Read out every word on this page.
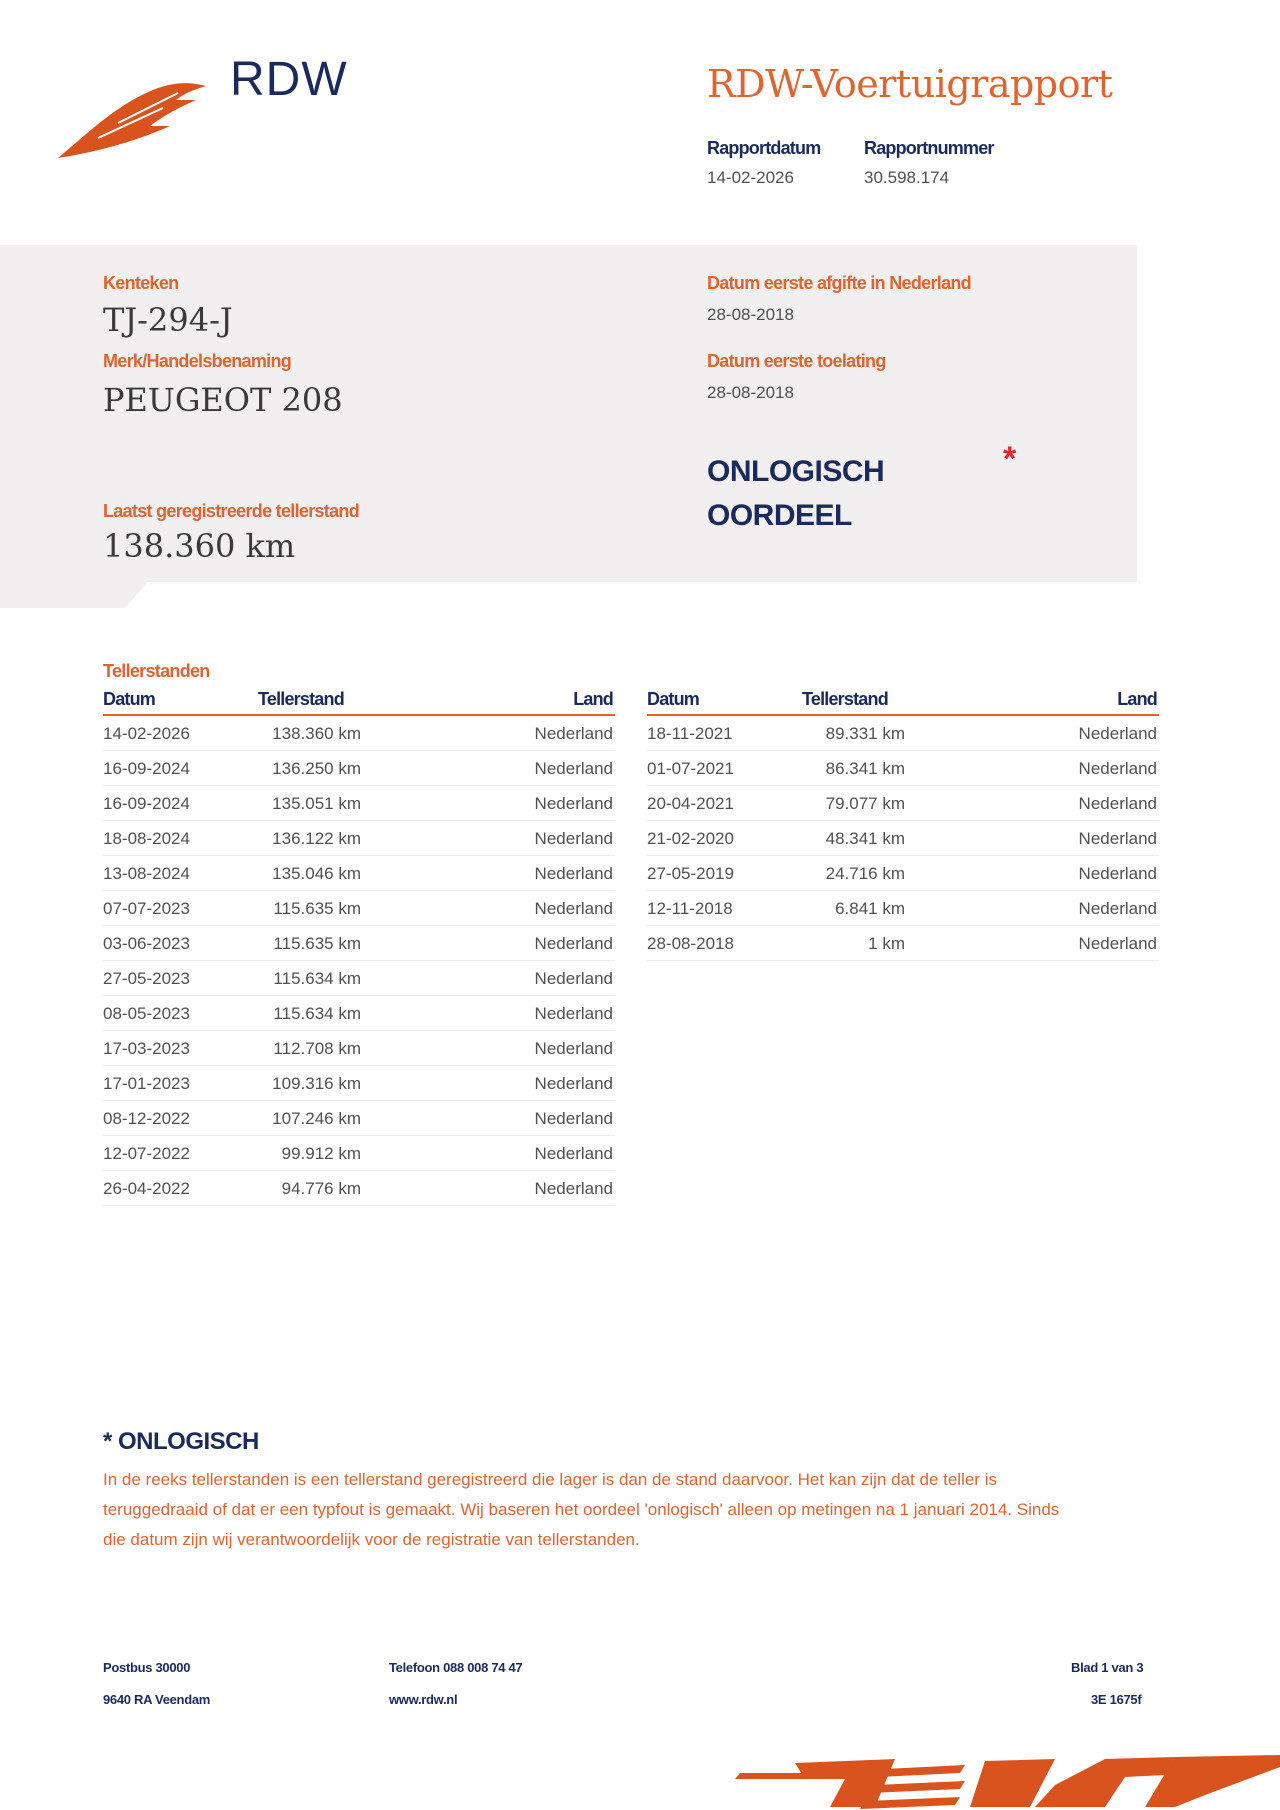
RDW	RDW-Voertuigrapport
Rapportdatum
14-02-2026
Rapportnummer
30.598.174
Kenteken
TJ-294-J
Merk/Handelsbenaming
PEUGEOT 208
Laatst geregistreerde tellerstand
138.360 km
Datum eerste afgifte in Nederland
28-08-2018
Datum eerste toelating
28-08-2018
ONLOGISCH
OORDEEL
*
Tellerstanden
Datum	Tellerstand	Land
14-02-2026	138.360 km	Nederland
16-09-2024	136.250 km	Nederland
16-09-2024	135.051 km	Nederland
18-08-2024	136.122 km	Nederland
13-08-2024	135.046 km	Nederland
07-07-2023	115.635 km	Nederland
03-06-2023	115.635 km	Nederland
27-05-2023	115.634 km	Nederland
08-05-2023	115.634 km	Nederland
17-03-2023	112.708 km	Nederland
17-01-2023	109.316 km	Nederland
08-12-2022	107.246 km	Nederland
12-07-2022	99.912 km	Nederland
26-04-2022	94.776 km	Nederland
Datum	Tellerstand	Land
18-11-2021	89.331 km	Nederland
01-07-2021	86.341 km	Nederland
20-04-2021	79.077 km	Nederland
21-02-2020	48.341 km	Nederland
27-05-2019	24.716 km	Nederland
12-11-2018	6.841 km	Nederland
28-08-2018	1 km	Nederland
* ONLOGISCH
In de reeks tellerstanden is een tellerstand geregistreerd die lager is dan de stand daarvoor. Het kan zijn dat de teller is teruggedraaid of dat er een typfout is gemaakt. Wij baseren het oordeel 'onlogisch' alleen op metingen na 1 januari 2014. Sinds die datum zijn wij verantwoordelijk voor de registratie van tellerstanden.
Postbus 30000
9640 RA Veendam
Telefoon 088 008 74 47
www.rdw.nl
Blad 1 van 3
3E 1675f
